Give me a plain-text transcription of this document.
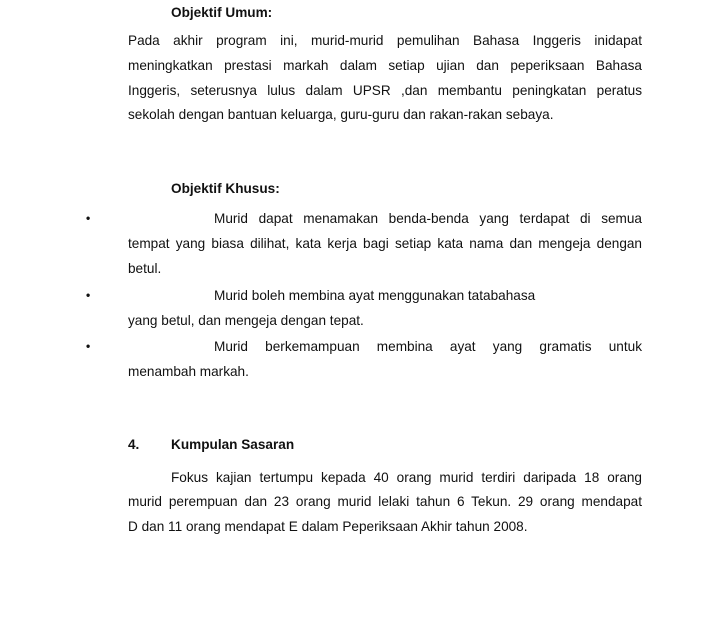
Objektif Umum:
Pada akhir program ini, murid-murid pemulihan Bahasa Inggeris inidapat
meningkatkan prestasi markah dalam setiap ujian dan peperiksaan Bahasa
Inggeris, seterusnya lulus dalam UPSR ,dan membantu peningkatan peratus
sekolah dengan bantuan keluarga, guru-guru dan rakan-rakan sebaya.
Objektif Khusus:
•	Murid dapat menamakan benda-benda yang terdapat di semua
tempat yang biasa dilihat, kata kerja bagi setiap kata nama dan mengeja dengan
betul.
•	Murid boleh membina ayat menggunakan tatabahasa
yang betul, dan mengeja dengan tepat.
•	Murid berkemampuan membina ayat yang gramatis untuk
menambah markah.
4. Kumpulan Sasaran
Fokus kajian tertumpu kepada 40 orang murid terdiri daripada 18 orang
murid perempuan dan 23 orang murid lelaki tahun 6 Tekun. 29 orang mendapat
D dan 11 orang mendapat E dalam Peperiksaan Akhir tahun 2008.
